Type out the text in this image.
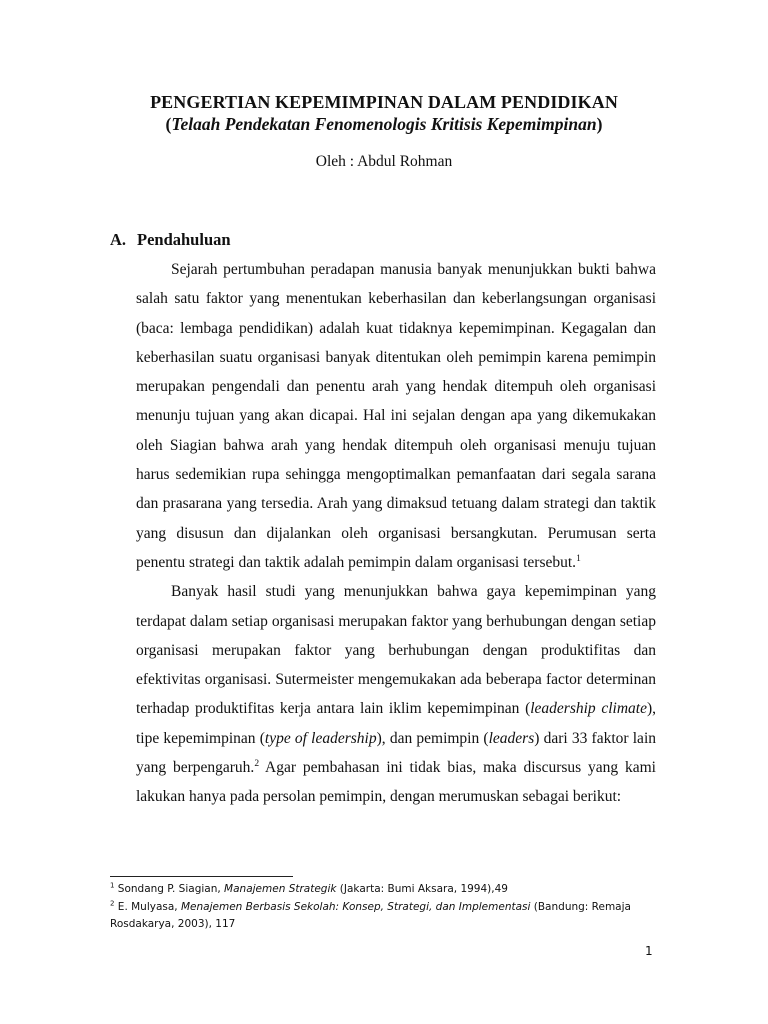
PENGERTIAN KEPEMIMPINAN DALAM PENDIDIKAN
(Telaah Pendekatan Fenomenologis Kritisis Kepemimpinan)
Oleh : Abdul Rohman
A. Pendahuluan

Sejarah pertumbuhan peradapan manusia banyak menunjukkan bukti bahwa salah satu faktor yang menentukan keberhasilan dan keberlangsungan organisasi (baca: lembaga pendidikan) adalah kuat tidaknya kepemimpinan. Kegagalan dan keberhasilan suatu organisasi banyak ditentukan oleh pemimpin karena pemimpin merupakan pengendali dan penentu arah yang hendak ditempuh oleh organisasi menunju tujuan yang akan dicapai. Hal ini sejalan dengan apa yang dikemukakan oleh Siagian bahwa arah yang hendak ditempuh oleh organisasi menuju tujuan harus sedemikian rupa sehingga mengoptimalkan pemanfaatan dari segala sarana dan prasarana yang tersedia. Arah yang dimaksud tetuang dalam strategi dan taktik yang disusun dan dijalankan oleh organisasi bersangkutan. Perumusan serta penentu strategi dan taktik adalah pemimpin dalam organisasi tersebut.$^1$

Banyak hasil studi yang menunjukkan bahwa gaya kepemimpinan yang terdapat dalam setiap organisasi merupakan faktor yang berhubungan dengan setiap organisasi merupakan faktor yang berhubungan dengan produktifitas dan efektivitas organisasi. Sutermeister mengemukakan ada beberapa factor determinan terhadap produktifitas kerja antara lain iklim kepemimpinan (leadership climate), tipe kepemimpinan (type of leadership), dan pemimpin (leaders) dari 33 faktor lain yang berpengaruh.$^2$ Agar pembahasan ini tidak bias, maka discursus yang kami lakukan hanya pada persolan pemimpin, dengan merumuskan sebagai berikut:

$^1$ Sondang P. Siagian, Manajemen Strategik (Jakarta: Bumi Aksara, 1994),49

$^2$ E. Mulyasa, Menajemen Berbasis Sekolah: Konsep, Strategi, dan Implementasi (Bandung: Remaja Rosdakarya, 2003), 117

1
